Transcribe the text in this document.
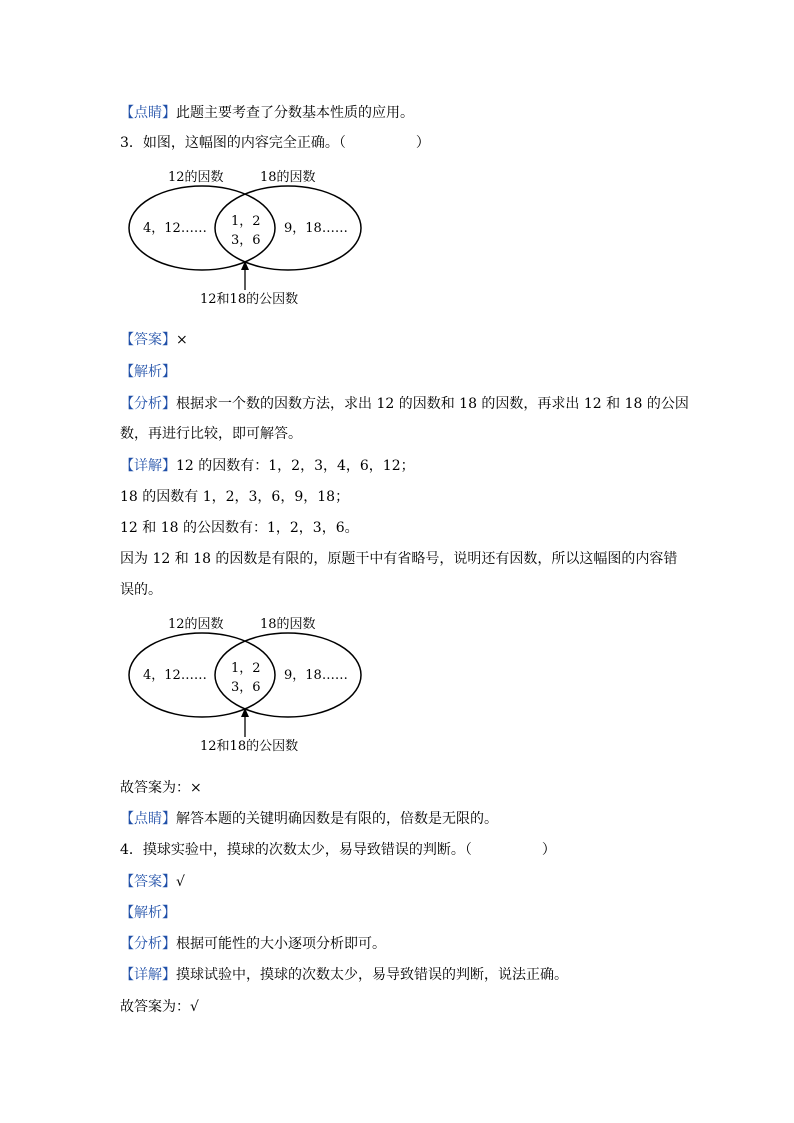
【点睛】此题主要考查了分数基本性质的应用。
3．如图，这幅图的内容完全正确。（　　　　　）
12的因数	18的因数
4，12……	9，18……
1，2
3，6
12和18的公因数
【答案】×
【解析】
【分析】根据求一个数的因数方法，求出 12 的因数和 18 的因数，再求出 12 和 18 的公因
数，再进行比较，即可解答。
【详解】12 的因数有：1，2，3，4，6，12；
18 的因数有 1，2，3，6，9，18；
12 和 18 的公因数有：1，2，3，6。
因为 12 和 18 的因数是有限的，原题干中有省略号，说明还有因数，所以这幅图的内容错
误的。
12的因数	18的因数
4，12……	9，18……
1，2
3，6
12和18的公因数
故答案为：×
【点睛】解答本题的关键明确因数是有限的，倍数是无限的。
4．摸球实验中，摸球的次数太少，易导致错误的判断。（　　　　　）
【答案】√
【解析】
【分析】根据可能性的大小逐项分析即可。
【详解】摸球试验中，摸球的次数太少，易导致错误的判断，说法正确。
故答案为：√
